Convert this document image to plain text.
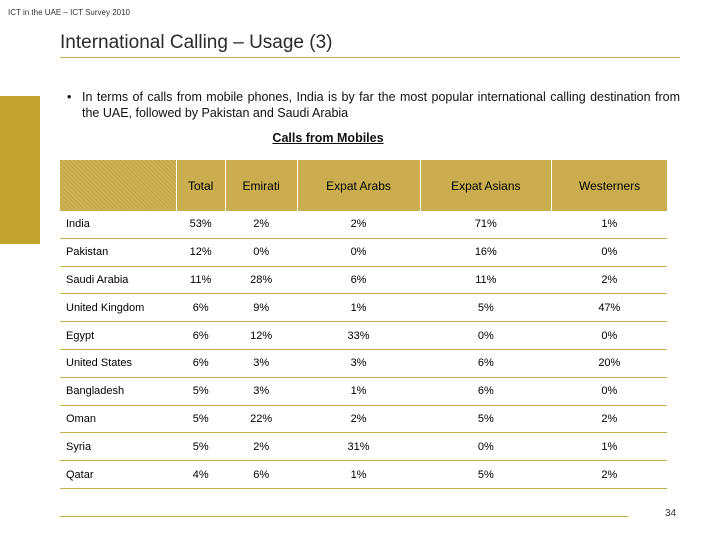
ICT in the UAE – ICT Survey 2010
International Calling – Usage (3)
• In terms of calls from mobile phones, India is by far the most popular international calling destination from the UAE, followed by Pakistan and Saudi Arabia
Calls from Mobiles
	Total	Emirati	Expat Arabs	Expat Asians	Westerners
India	53%	2%	2%	71%	1%
Pakistan	12%	0%	0%	16%	0%
Saudi Arabia	11%	28%	6%	11%	2%
United Kingdom	6%	9%	1%	5%	47%
Egypt	6%	12%	33%	0%	0%
United States	6%	3%	3%	6%	20%
Bangladesh	5%	3%	1%	6%	0%
Oman	5%	22%	2%	5%	2%
Syria	5%	2%	31%	0%	1%
Qatar	4%	6%	1%	5%	2%
34
